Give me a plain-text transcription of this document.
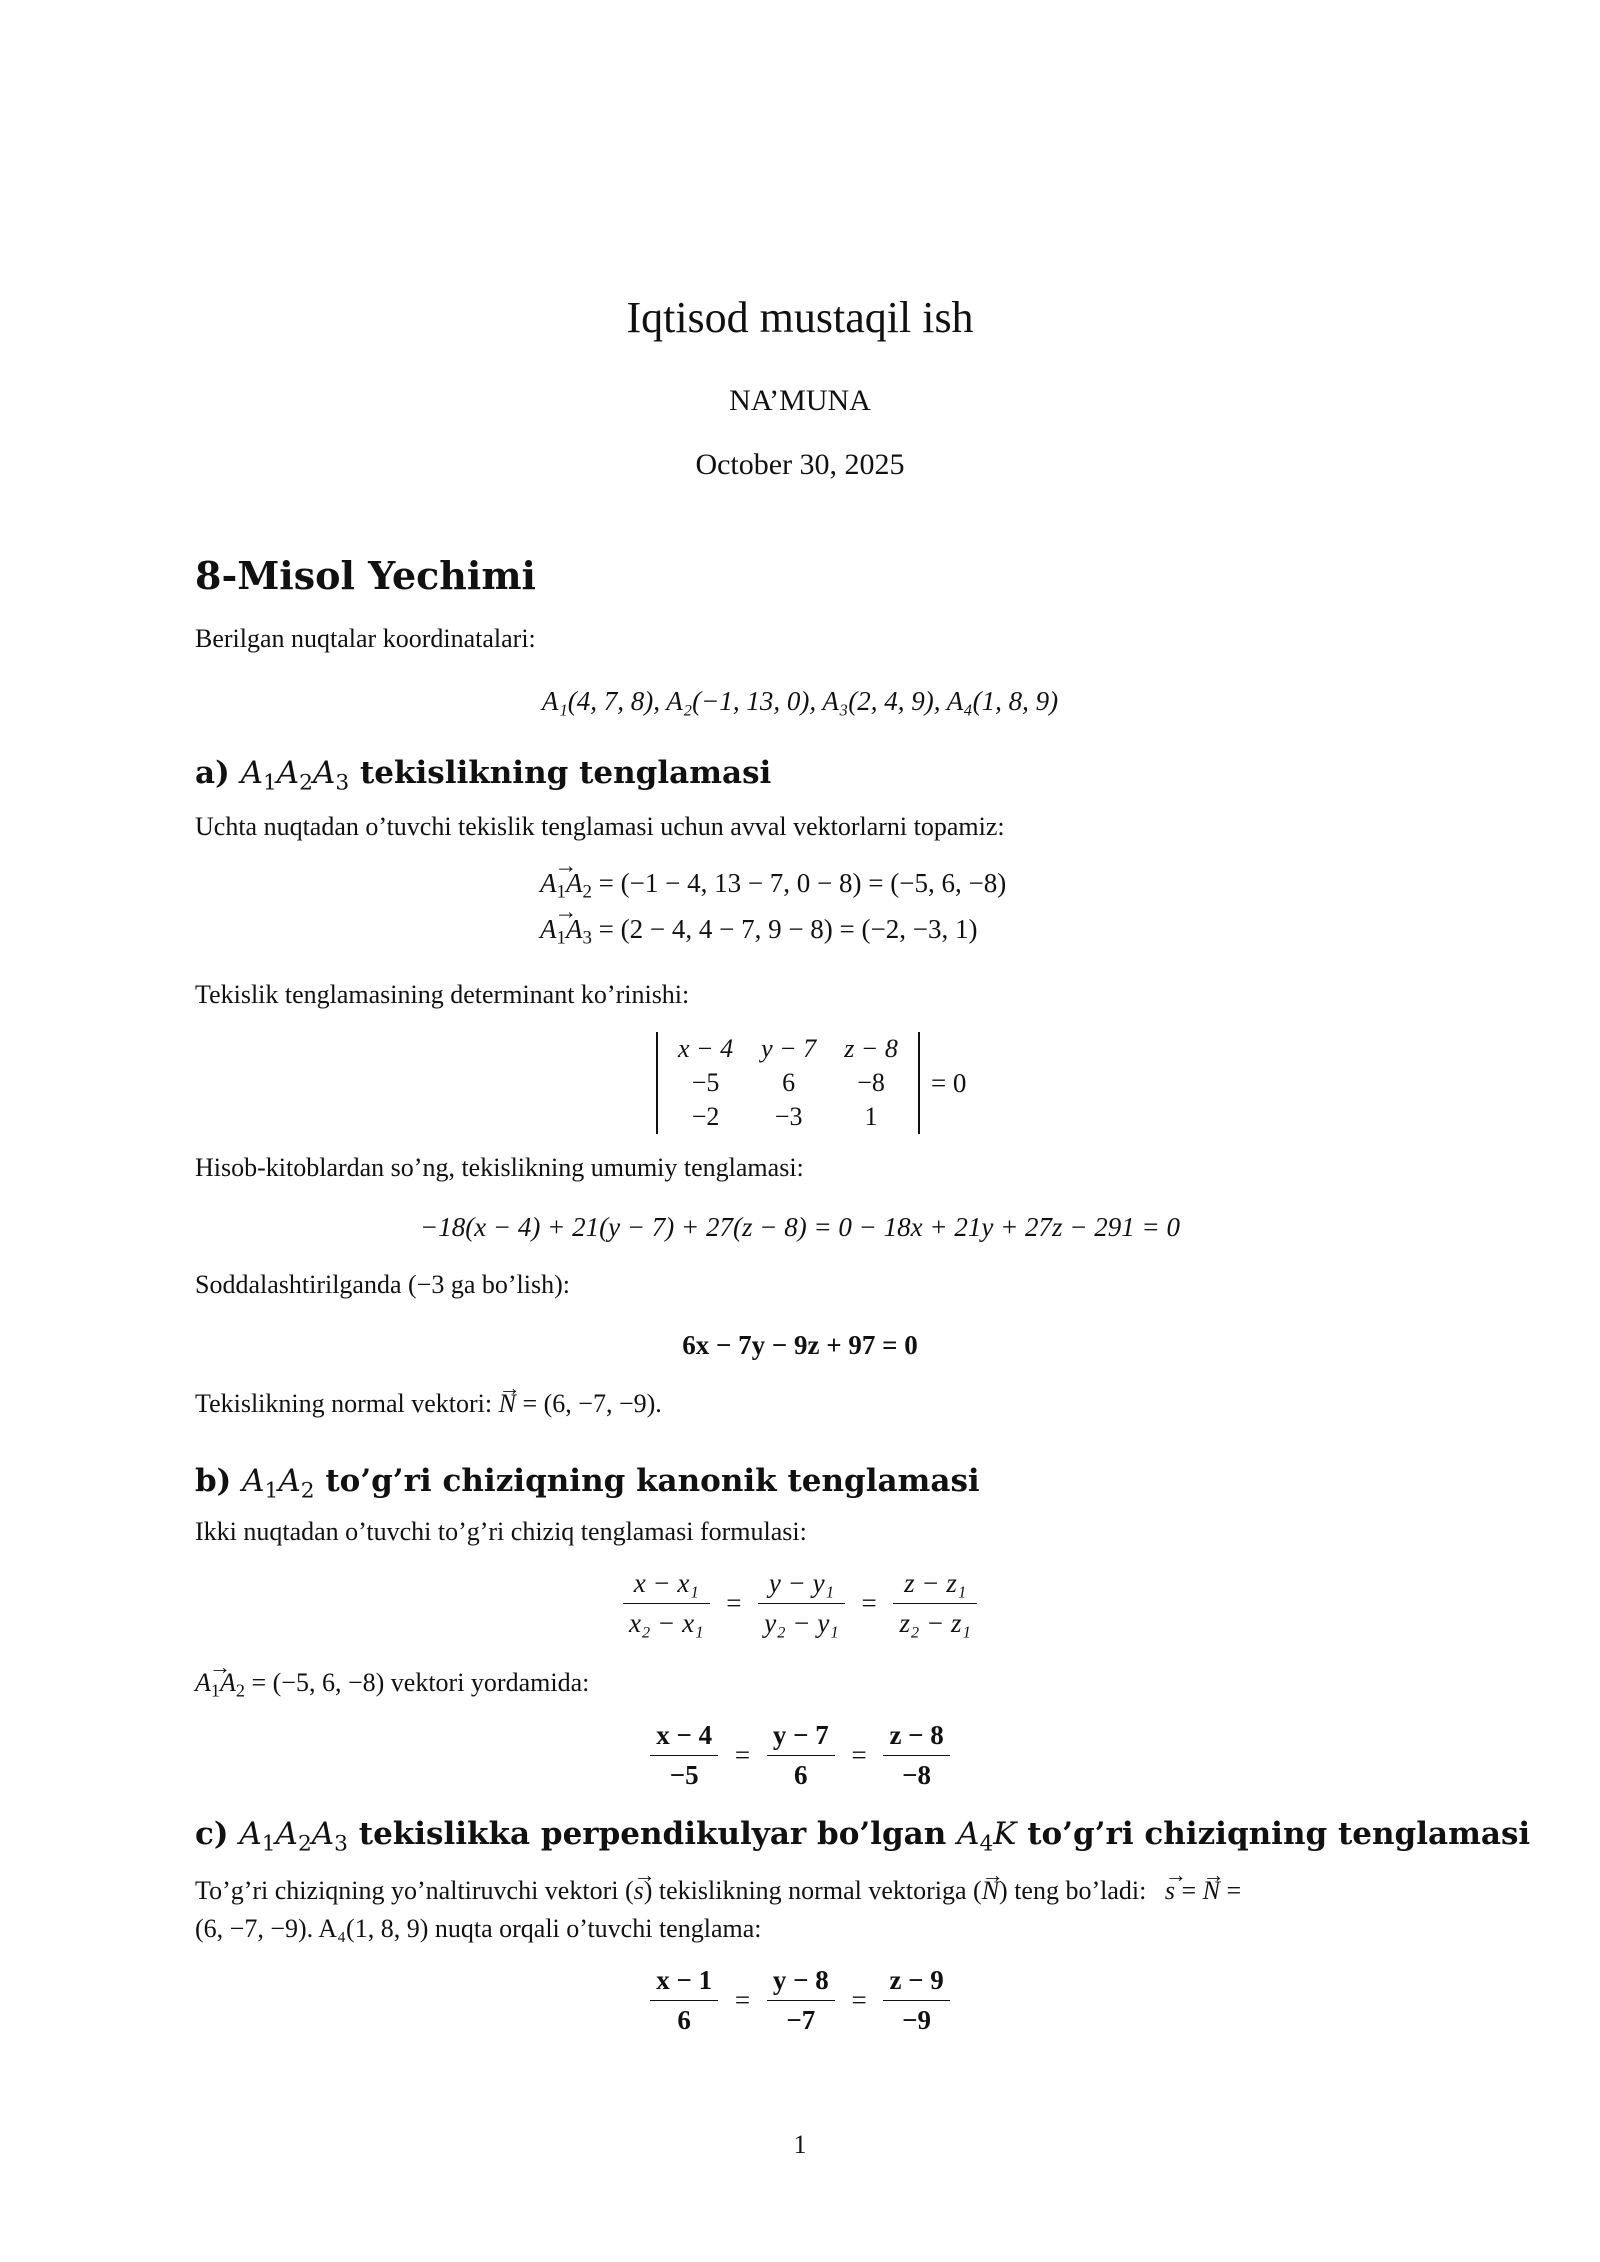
Iqtisod mustaqil ish
NA’MUNA
October 30, 2025
8-Misol Yechimi
Berilgan nuqtalar koordinatalari:
A₁(4, 7, 8), A₂(−1, 13, 0), A₃(2, 4, 9), A₄(1, 8, 9)
a) $A_1A_2A_3$ tekislikning tenglamasi
Uchta nuqtadan o’tuvchi tekislik tenglamasi uchun avval vektorlarni topamiz:
→ $A_1A_2 = (-1 - 4$, 13 − 7, 0 − 8) = (−5, 6, −8)
→ $A_1A_3 = (2 - 4$, 4 − 7, 9 − 8) = (−2, −3, 1)
Tekislik tenglamasining determinant ko’rinishi:
x − 4	y − 7	z − 8
−5	6	−8
−2	−3	1
= 0
Hisob-kitoblardan so’ng, tekislikning umumiy tenglamasi:
−18(x − 4) + 21(y − 7) + 27(z − 8) = 0 − 18x + 21y + 27z − 291 = 0
Soddalashtirilganda (−3 ga bo’lish):
6x − 7y − 9z + 97 = 0
Tekislikning normal vektori: → N = (6, −7, −9).
b) $A_1A_2$ to’g’ri chiziqning kanonik tenglamasi
Ikki nuqtadan o’tuvchi to’g’ri chiziq tenglamasi formulasi:
$\frac{\text{x − x₁}}{\text{x₂ − x₁}} = \frac{\text{y − y₁}}{\text{y₂ − y₁}} = \frac{\text{z − z₁}}{\text{z₂ − z₁}}$
→ $A_1A_2 = (-5$, 6, −8) vektori yordamida:
$\frac{x - 4}{-5} = \frac{y - 7}{6} = \frac{z - 8}{-8}$
c) $A_1A_2A_3$ tekislikka perpendikulyar bo’lgan $A_4K$ to’g’ri chiziqning tenglamasi
To’g’ri chiziqning yo’naltiruvchi vektori (→ s) tekislikning normal vektoriga (→ N) teng bo’ladi: → s = → N =
(6, −7, −9). A₄(1, 8, 9) nuqta orqali o’tuvchi tenglama:
$\frac{x - 1}{6} = \frac{y - 8}{-7} = \frac{z - 9}{-9}$
1
